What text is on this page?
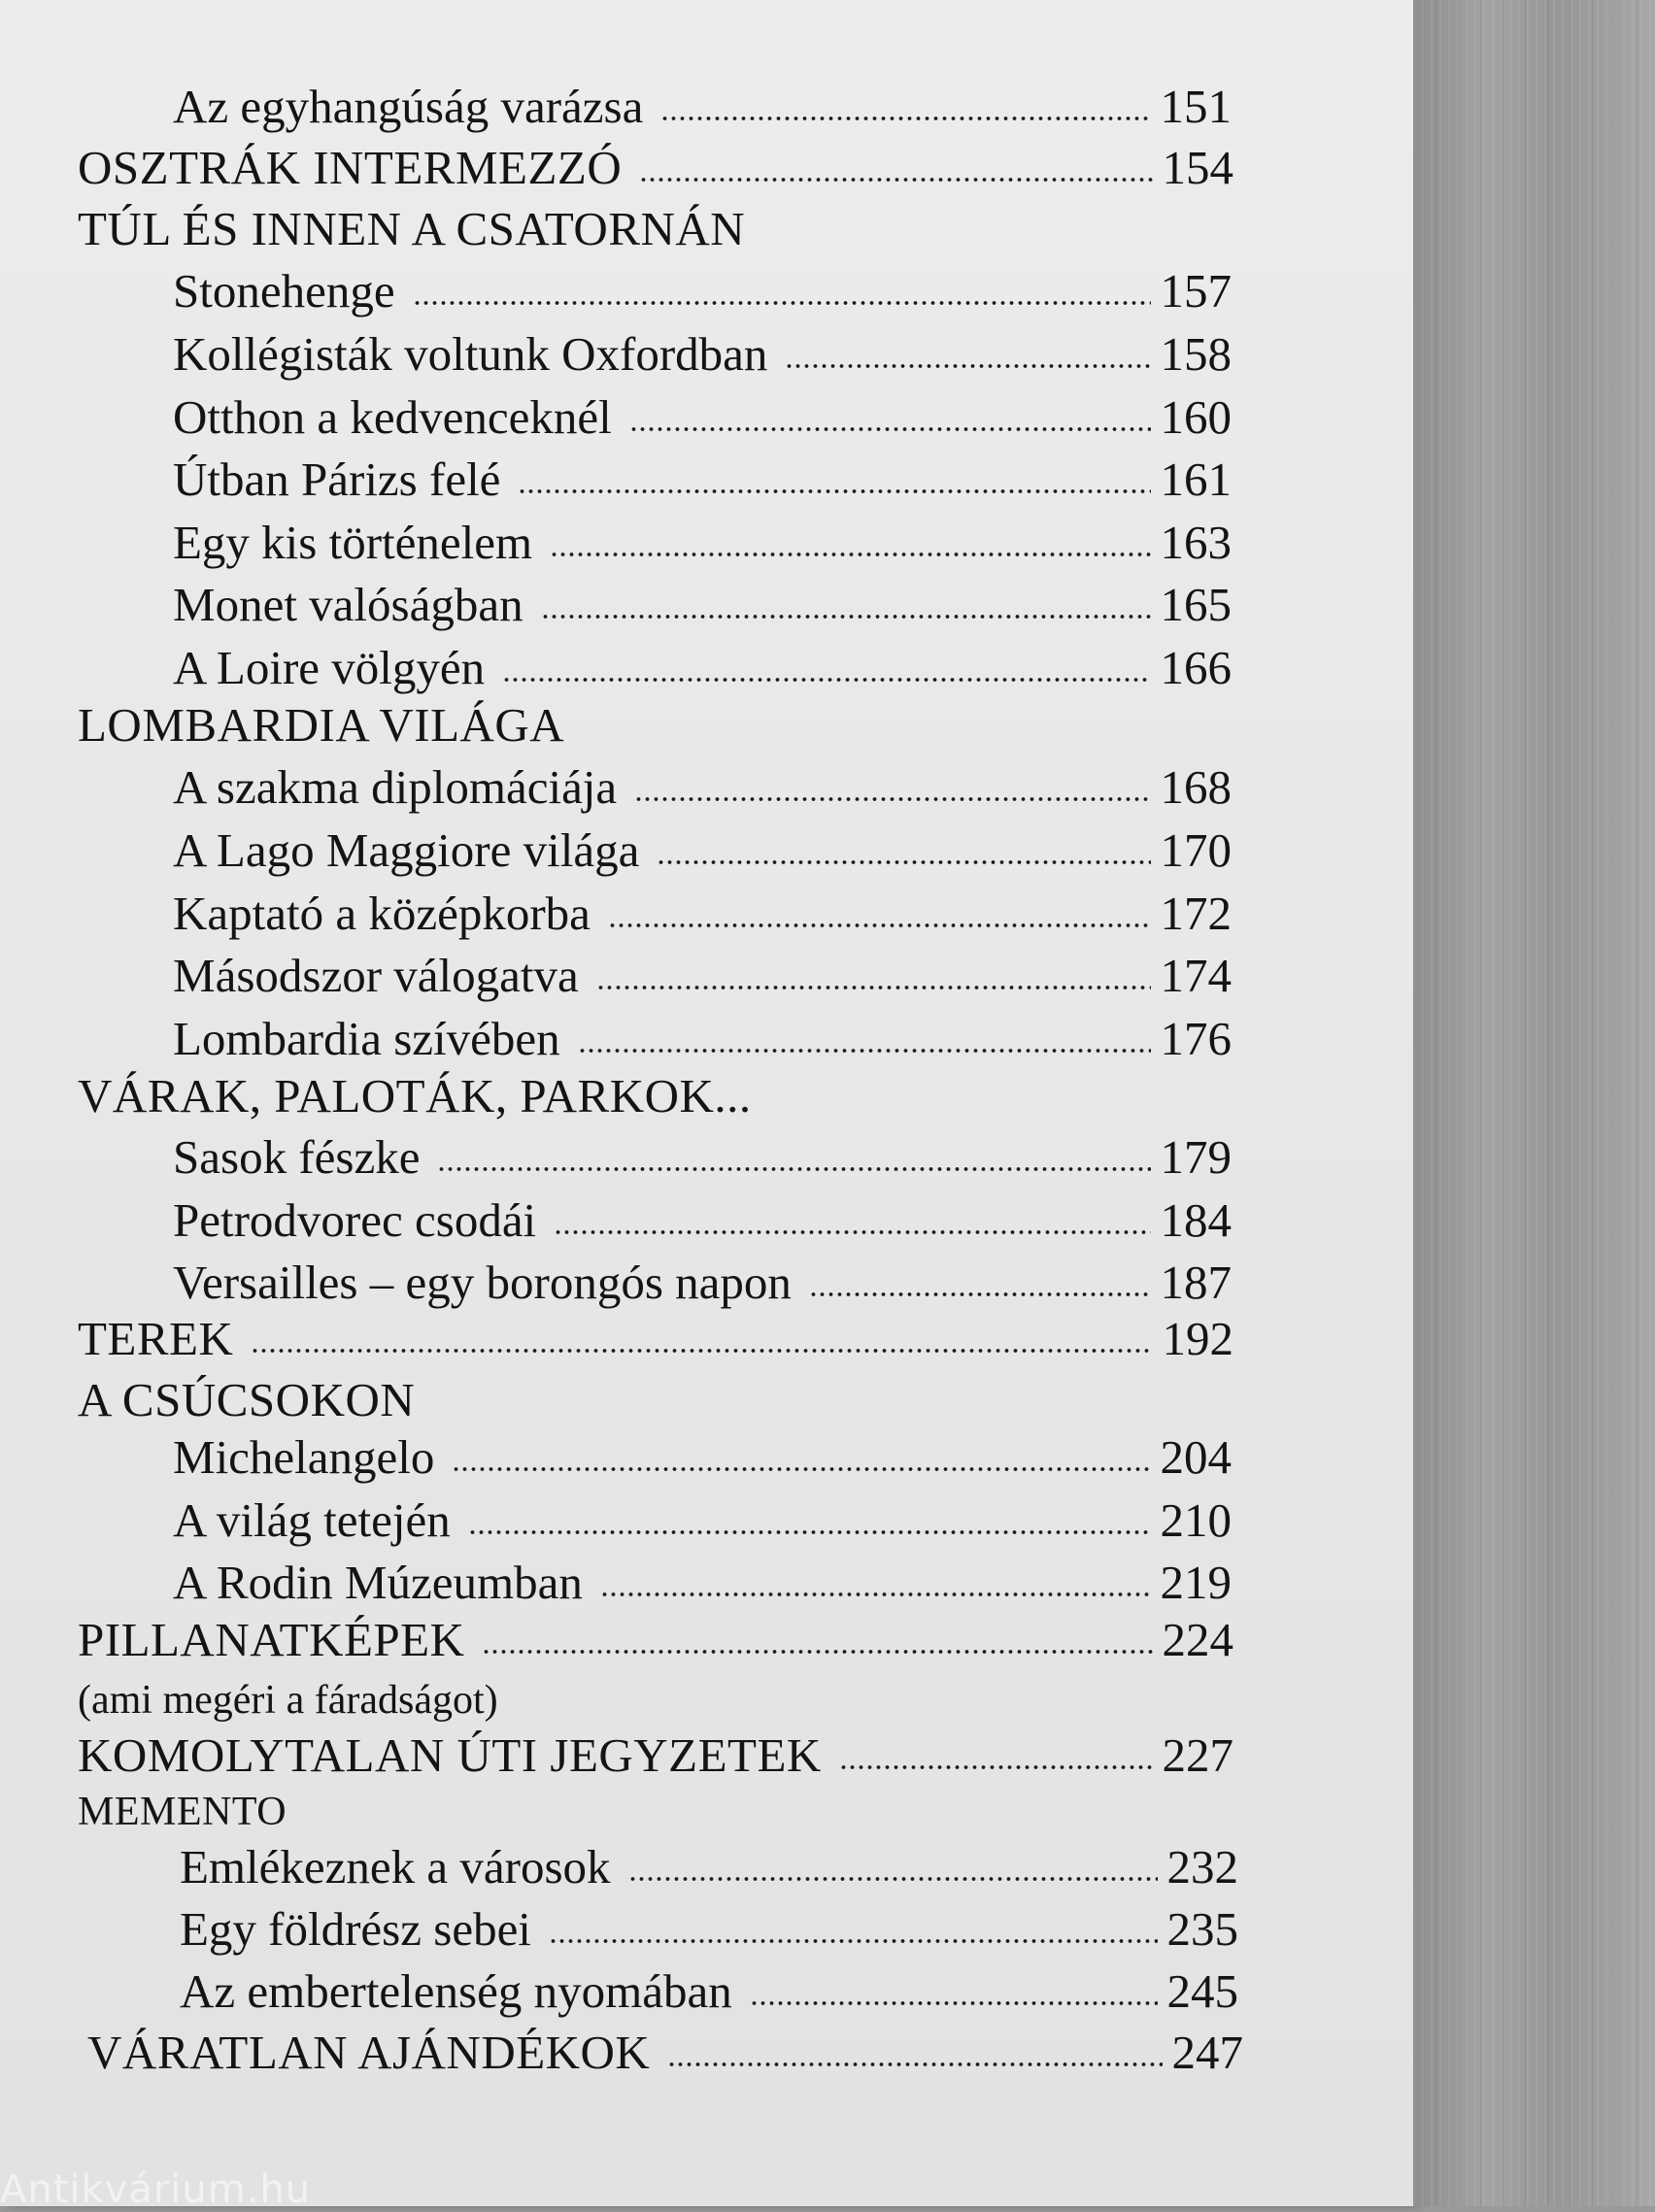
Az egyhangúság varázsa	151
OSZTRÁK INTERMEZZÓ	154
TÚL ÉS INNEN A CSATORNÁN
Stonehenge	157
Kollégisták voltunk Oxfordban	158
Otthon a kedvenceknél	160
Útban Párizs felé	161
Egy kis történelem	163
Monet valóságban	165
A Loire völgyén	166
LOMBARDIA VILÁGA
A szakma diplomáciája	168
A Lago Maggiore világa	170
Kaptató a középkorba	172
Másodszor válogatva	174
Lombardia szívében	176
VÁRAK, PALOTÁK, PARKOK...
Sasok fészke	179
Petrodvorec csodái	184
Versailles – egy borongós napon	187
TEREK	192
A CSÚCSOKON
Michelangelo	204
A világ tetején	210
A Rodin Múzeumban	219
PILLANATKÉPEK	224
(ami megéri a fáradságot)
KOMOLYTALAN ÚTI JEGYZETEK	227
MEMENTO
Emlékeznek a városok	232
Egy földrész sebei	235
Az embertelenség nyomában	245
VÁRATLAN AJÁNDÉKOK	247
Antikvárium.hu
